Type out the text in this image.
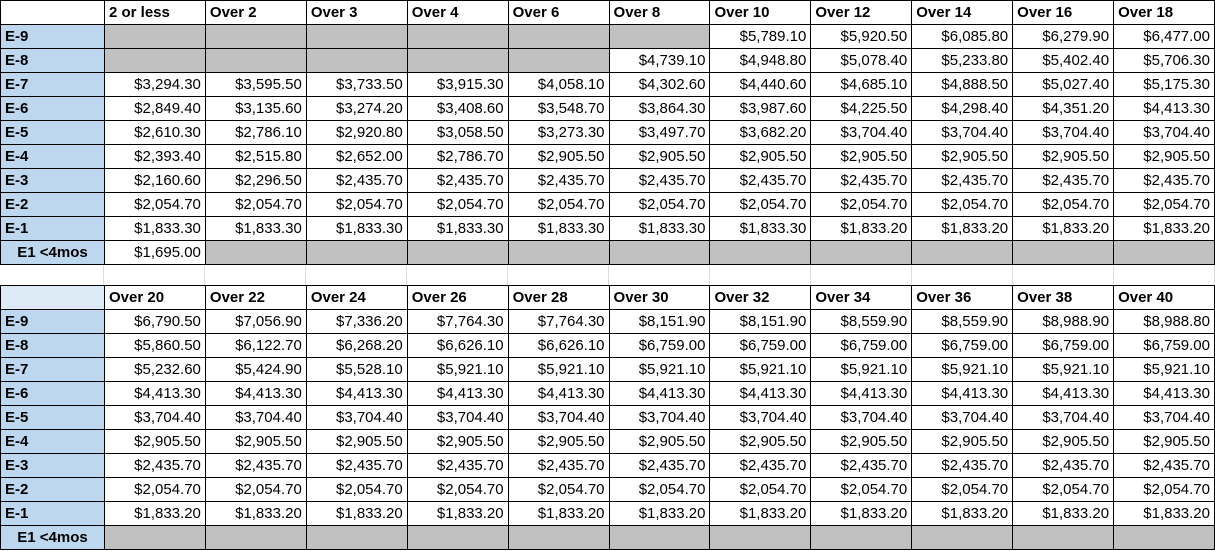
	2 or less	Over 2	Over 3	Over 4	Over 6	Over 8	Over 10	Over 12	Over 14	Over 16	Over 18
E-9							$5,789.10	$5,920.50	$6,085.80	$6,279.90	$6,477.00
E-8						$4,739.10	$4,948.80	$5,078.40	$5,233.80	$5,402.40	$5,706.30
E-7	$3,294.30	$3,595.50	$3,733.50	$3,915.30	$4,058.10	$4,302.60	$4,440.60	$4,685.10	$4,888.50	$5,027.40	$5,175.30
E-6	$2,849.40	$3,135.60	$3,274.20	$3,408.60	$3,548.70	$3,864.30	$3,987.60	$4,225.50	$4,298.40	$4,351.20	$4,413.30
E-5	$2,610.30	$2,786.10	$2,920.80	$3,058.50	$3,273.30	$3,497.70	$3,682.20	$3,704.40	$3,704.40	$3,704.40	$3,704.40
E-4	$2,393.40	$2,515.80	$2,652.00	$2,786.70	$2,905.50	$2,905.50	$2,905.50	$2,905.50	$2,905.50	$2,905.50	$2,905.50
E-3	$2,160.60	$2,296.50	$2,435.70	$2,435.70	$2,435.70	$2,435.70	$2,435.70	$2,435.70	$2,435.70	$2,435.70	$2,435.70
E-2	$2,054.70	$2,054.70	$2,054.70	$2,054.70	$2,054.70	$2,054.70	$2,054.70	$2,054.70	$2,054.70	$2,054.70	$2,054.70
E-1	$1,833.30	$1,833.30	$1,833.30	$1,833.30	$1,833.30	$1,833.30	$1,833.30	$1,833.20	$1,833.20	$1,833.20	$1,833.20
E1 <4mos	$1,695.00										
	Over 20	Over 22	Over 24	Over 26	Over 28	Over 30	Over 32	Over 34	Over 36	Over 38	Over 40
E-9	$6,790.50	$7,056.90	$7,336.20	$7,764.30	$7,764.30	$8,151.90	$8,151.90	$8,559.90	$8,559.90	$8,988.90	$8,988.80
E-8	$5,860.50	$6,122.70	$6,268.20	$6,626.10	$6,626.10	$6,759.00	$6,759.00	$6,759.00	$6,759.00	$6,759.00	$6,759.00
E-7	$5,232.60	$5,424.90	$5,528.10	$5,921.10	$5,921.10	$5,921.10	$5,921.10	$5,921.10	$5,921.10	$5,921.10	$5,921.10
E-6	$4,413.30	$4,413.30	$4,413.30	$4,413.30	$4,413.30	$4,413.30	$4,413.30	$4,413.30	$4,413.30	$4,413.30	$4,413.30
E-5	$3,704.40	$3,704.40	$3,704.40	$3,704.40	$3,704.40	$3,704.40	$3,704.40	$3,704.40	$3,704.40	$3,704.40	$3,704.40
E-4	$2,905.50	$2,905.50	$2,905.50	$2,905.50	$2,905.50	$2,905.50	$2,905.50	$2,905.50	$2,905.50	$2,905.50	$2,905.50
E-3	$2,435.70	$2,435.70	$2,435.70	$2,435.70	$2,435.70	$2,435.70	$2,435.70	$2,435.70	$2,435.70	$2,435.70	$2,435.70
E-2	$2,054.70	$2,054.70	$2,054.70	$2,054.70	$2,054.70	$2,054.70	$2,054.70	$2,054.70	$2,054.70	$2,054.70	$2,054.70
E-1	$1,833.20	$1,833.20	$1,833.20	$1,833.20	$1,833.20	$1,833.20	$1,833.20	$1,833.20	$1,833.20	$1,833.20	$1,833.20
E1 <4mos											
